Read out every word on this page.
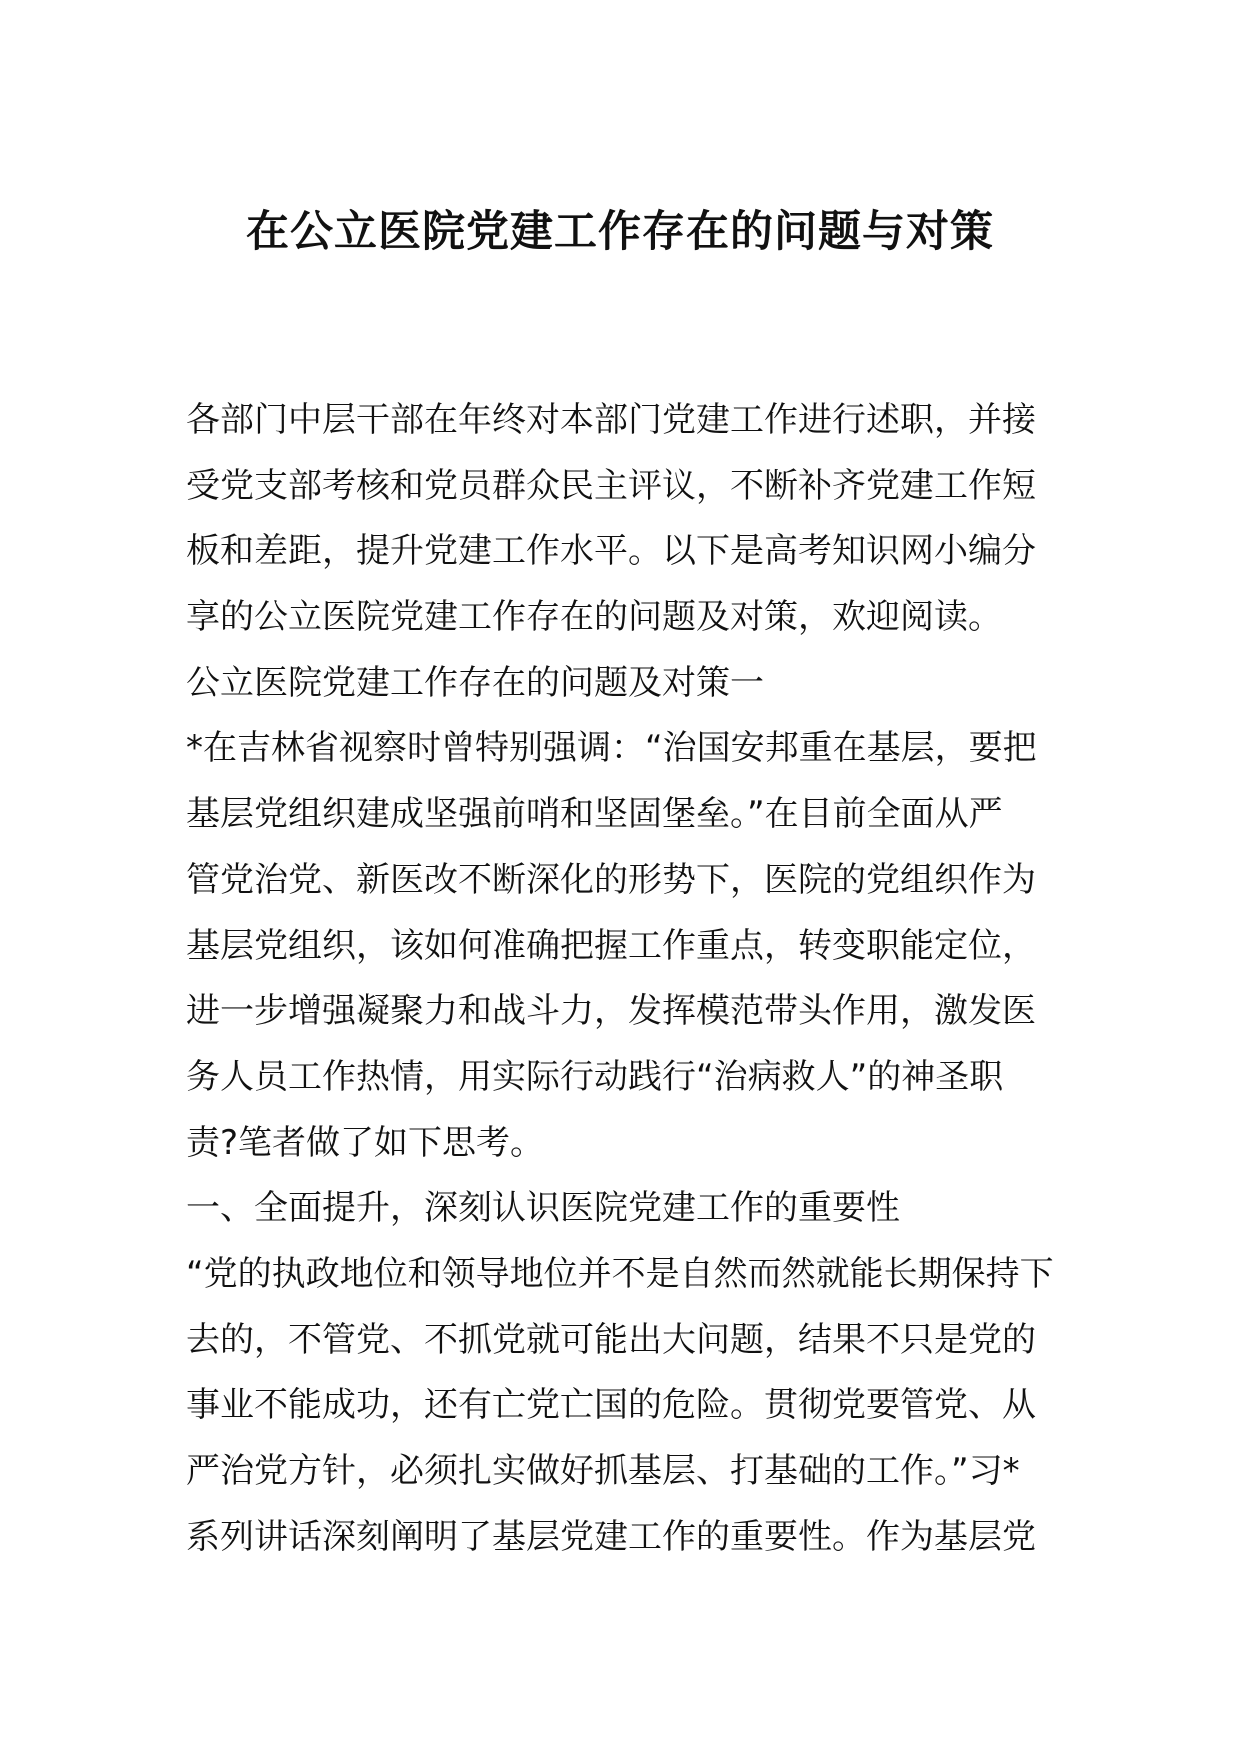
在公立医院党建工作存在的问题与对策
各部门中层干部在年终对本部门党建工作进行述职，并接
受党支部考核和党员群众民主评议，不断补齐党建工作短
板和差距，提升党建工作水平。以下是高考知识网小编分
享的公立医院党建工作存在的问题及对策，欢迎阅读。
公立医院党建工作存在的问题及对策一
*在吉林省视察时曾特别强调：“治国安邦重在基层，要把
基层党组织建成坚强前哨和坚固堡垒。”在目前全面从严
管党治党、新医改不断深化的形势下，医院的党组织作为
基层党组织，该如何准确把握工作重点，转变职能定位，
进一步增强凝聚力和战斗力，发挥模范带头作用，激发医
务人员工作热情，用实际行动践行“治病救人”的神圣职
责?笔者做了如下思考。
一、全面提升，深刻认识医院党建工作的重要性
“党的执政地位和领导地位并不是自然而然就能长期保持下
去的，不管党、不抓党就可能出大问题，结果不只是党的
事业不能成功，还有亡党亡国的危险。贯彻党要管党、从
严治党方针，必须扎实做好抓基层、打基础的工作。”习*
系列讲话深刻阐明了基层党建工作的重要性。作为基层党
